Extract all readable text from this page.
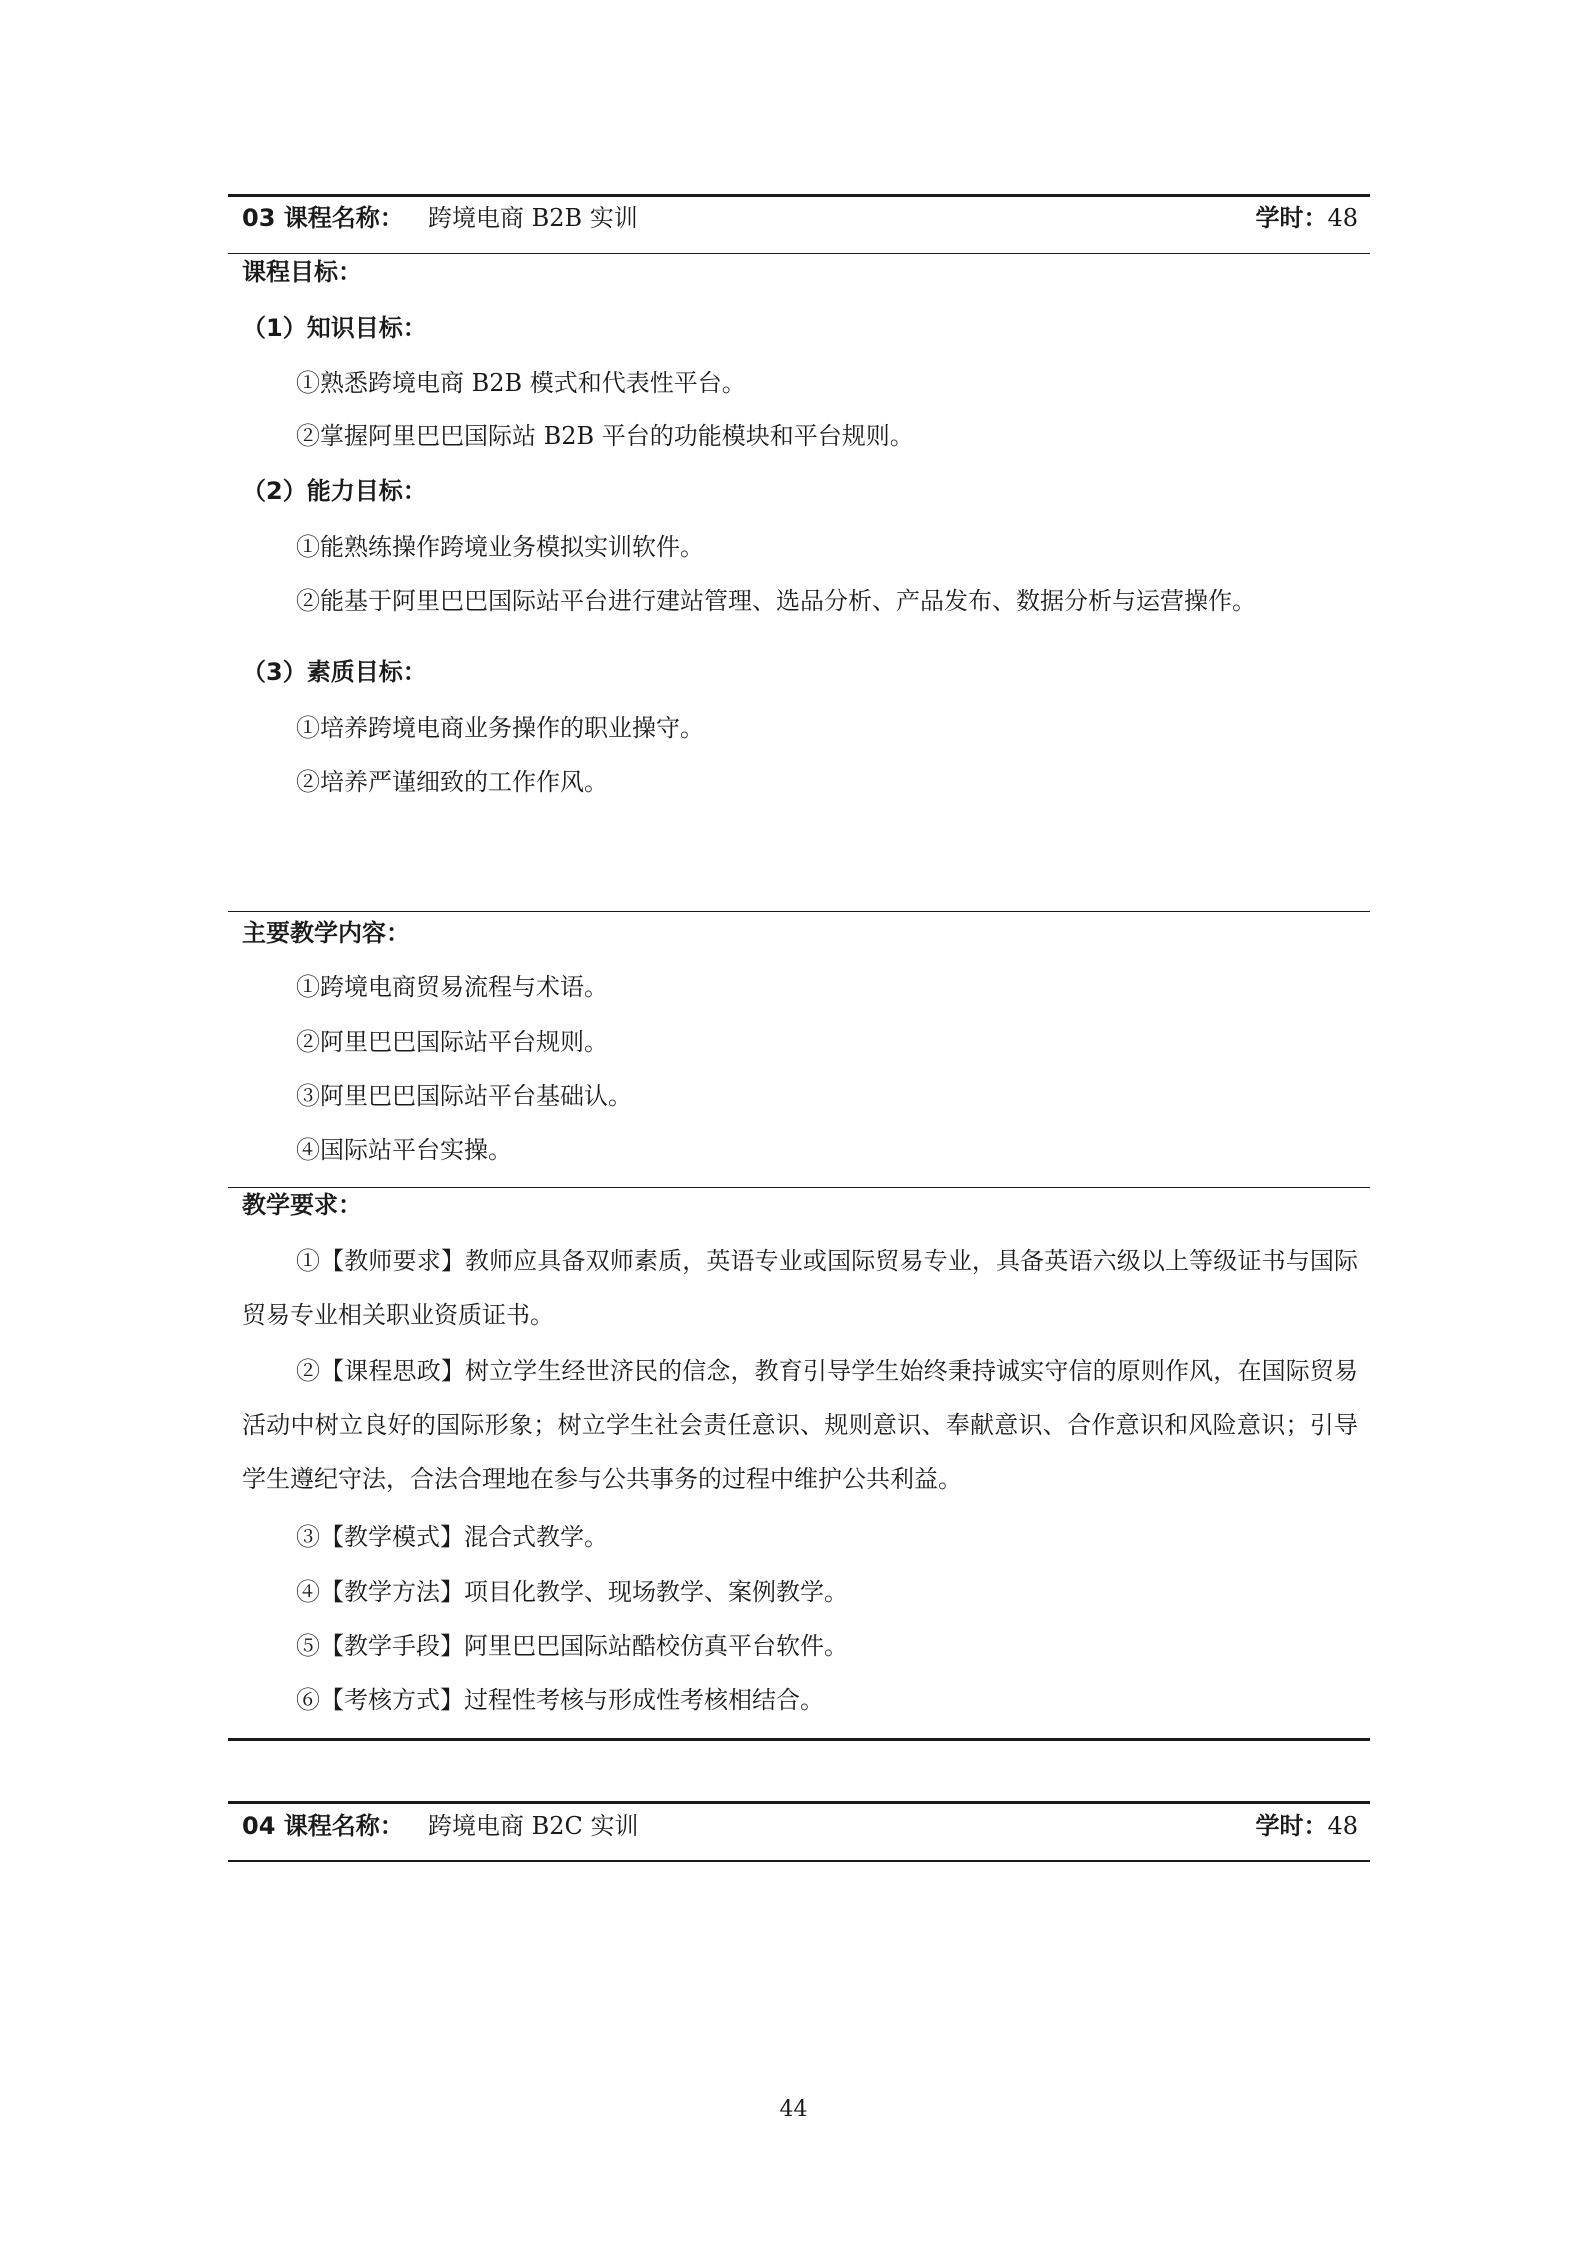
03 课程名称： 跨境电商 B2B 实训	学时：48
课程目标：
（1）知识目标：
①熟悉跨境电商 B2B 模式和代表性平台。
②掌握阿里巴巴国际站 B2B 平台的功能模块和平台规则。
（2）能力目标：
①能熟练操作跨境业务模拟实训软件。
②能基于阿里巴巴国际站平台进行建站管理、选品分析、产品发布、数据分析与运营操作。
（3）素质目标：
①培养跨境电商业务操作的职业操守。
②培养严谨细致的工作作风。
主要教学内容：
①跨境电商贸易流程与术语。
②阿里巴巴国际站平台规则。
③阿里巴巴国际站平台基础认。
④国际站平台实操。
教学要求：
①【教师要求】教师应具备双师素质，英语专业或国际贸易专业，具备英语六级以上等级证书与国际贸易专业相关职业资质证书。
②【课程思政】树立学生经世济民的信念，教育引导学生始终秉持诚实守信的原则作风，在国际贸易活动中树立良好的国际形象；树立学生社会责任意识、规则意识、奉献意识、合作意识和风险意识；引导学生遵纪守法，合法合理地在参与公共事务的过程中维护公共利益。
③【教学模式】混合式教学。
④【教学方法】项目化教学、现场教学、案例教学。
⑤【教学手段】阿里巴巴国际站酷校仿真平台软件。
⑥【考核方式】过程性考核与形成性考核相结合。
04 课程名称： 跨境电商 B2C 实训	学时：48
44
